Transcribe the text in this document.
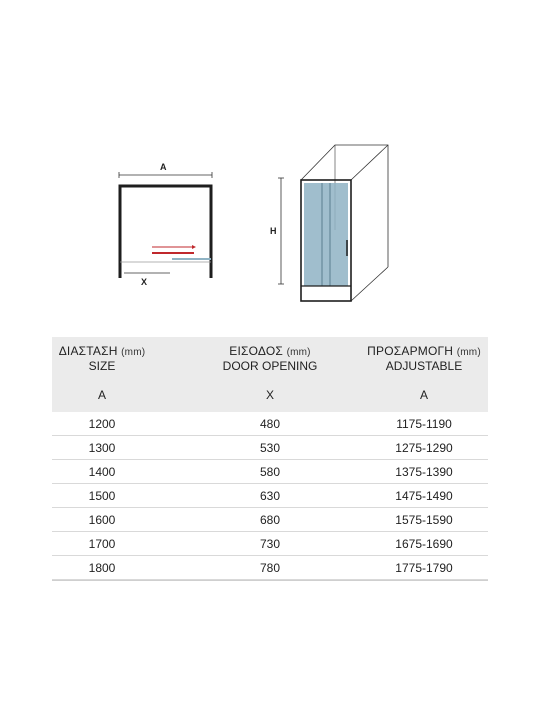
A
X
H
ΔΙΑΣΤΑΣΗ (mm)	ΕΙΣΟΔΟΣ (mm)	ΠΡΟΣΑΡΜΟΓΗ (mm)
SIZE	DOOR OPENING	ADJUSTABLE
A	X	A
1200	480	1175-1190
1300	530	1275-1290
1400	580	1375-1390
1500	630	1475-1490
1600	680	1575-1590
1700	730	1675-1690
1800	780	1775-1790
